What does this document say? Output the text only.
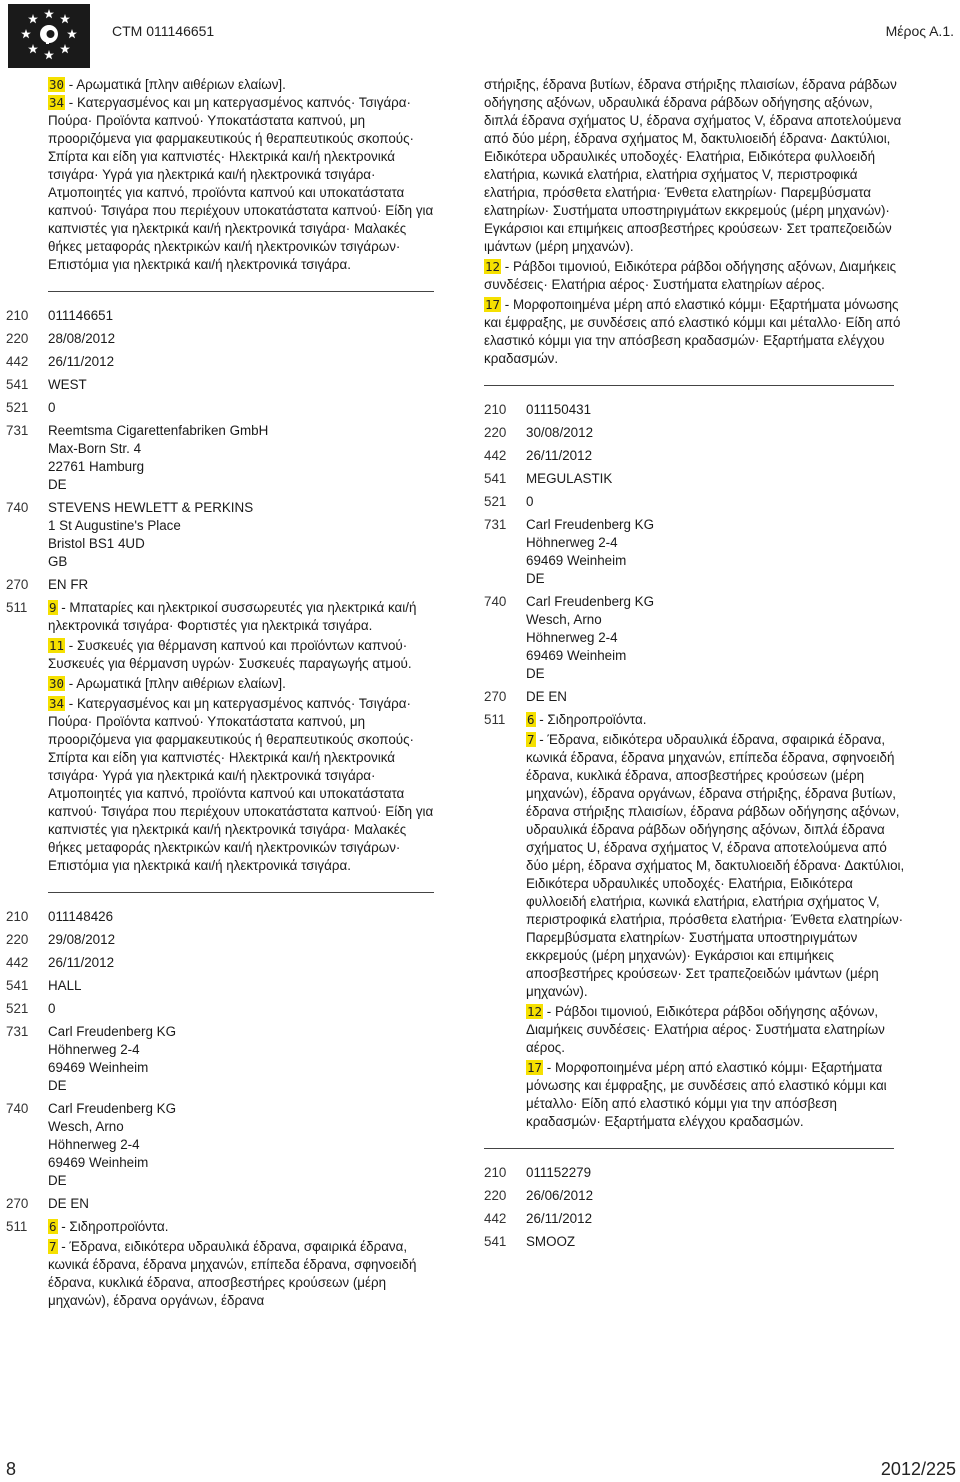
CTM 011146651	Μέρος Α.1.
30 - Αρωματικά [πλην αιθέριων ελαίων].
34 - Κατεργασμένος και μη κατεργασμένος καπνός· Τσιγάρα· Πούρα· Προϊόντα καπνού· Υποκατάστατα καπνού, μη προοριζόμενα για φαρμακευτικούς ή θεραπευτικούς σκοπούς· Σπίρτα και είδη για καπνιστές· Ηλεκτρικά και/ή ηλεκτρονικά τσιγάρα· Υγρά για ηλεκτρικά και/ή ηλεκτρονικά τσιγάρα· Ατμοποιητές για καπνό, προϊόντα καπνού και υποκατάστατα καπνού· Τσιγάρα που περιέχουν υποκατάστατα καπνού· Είδη για καπνιστές για ηλεκτρικά και/ή ηλεκτρονικά τσιγάρα· Μαλακές θήκες μεταφοράς ηλεκτρικών και/ή ηλεκτρονικών τσιγάρων· Επιστόμια για ηλεκτρικά και/ή ηλεκτρονικά τσιγάρα.
210	011146651
220	28/08/2012
442	26/11/2012
541	WEST
521	0
731	Reemtsma Cigarettenfabriken GmbH
Max-Born Str. 4
22761 Hamburg
DE
740	STEVENS HEWLETT & PERKINS
1 St Augustine's Place
Bristol BS1 4UD
GB
270	EN FR
511	9 - Μπαταρίες και ηλεκτρικοί συσσωρευτές για ηλεκτρικά και/ή ηλεκτρονικά τσιγάρα· Φορτιστές για ηλεκτρικά τσιγάρα.
11 - Συσκευές για θέρμανση καπνού και προϊόντων καπνού· Συσκευές για θέρμανση υγρών· Συσκευές παραγωγής ατμού.
30 - Αρωματικά [πλην αιθέριων ελαίων].
34 - Κατεργασμένος και μη κατεργασμένος καπνός· Τσιγάρα· Πούρα· Προϊόντα καπνού· Υποκατάστατα καπνού, μη προοριζόμενα για φαρμακευτικούς ή θεραπευτικούς σκοπούς· Σπίρτα και είδη για καπνιστές· Ηλεκτρικά και/ή ηλεκτρονικά τσιγάρα· Υγρά για ηλεκτρικά και/ή ηλεκτρονικά τσιγάρα· Ατμοποιητές για καπνό, προϊόντα καπνού και υποκατάστατα καπνού· Τσιγάρα που περιέχουν υποκατάστατα καπνού· Είδη για καπνιστές για ηλεκτρικά και/ή ηλεκτρονικά τσιγάρα· Μαλακές θήκες μεταφοράς ηλεκτρικών και/ή ηλεκτρονικών τσιγάρων· Επιστόμια για ηλεκτρικά και/ή ηλεκτρονικά τσιγάρα.
210	011148426
220	29/08/2012
442	26/11/2012
541	HALL
521	0
731	Carl Freudenberg KG
Höhnerweg 2-4
69469 Weinheim
DE
740	Carl Freudenberg KG
Wesch, Arno
Höhnerweg 2-4
69469 Weinheim
DE
270	DE EN
511	6 - Σιδηροπροϊόντα.
7 - Έδρανα, ειδικότερα υδραυλικά έδρανα, σφαιρικά έδρανα, κωνικά έδρανα, έδρανα μηχανών, επίπεδα έδρανα, σφηνοειδή έδρανα, κυκλικά έδρανα, αποσβεστήρες κρούσεων (μέρη μηχανών), έδρανα οργάνων, έδρανα
στήριξης, έδρανα βυτίων, έδρανα στήριξης πλαισίων, έδρανα ράβδων οδήγησης αξόνων, υδραυλικά έδρανα ράβδων οδήγησης αξόνων, διπλά έδρανα σχήματος U, έδρανα σχήματος V, έδρανα αποτελούμενα από δύο μέρη, έδρανα σχήματος Μ, δακτυλιοειδή έδρανα· Δακτύλιοι, Ειδικότερα υδραυλικές υποδοχές· Ελατήρια, Ειδικότερα φυλλοειδή ελατήρια, κωνικά ελατήρια, ελατήρια σχήματος V, περιστροφικά ελατήρια, πρόσθετα ελατήρια· Ένθετα ελατηρίων· Παρεμβύσματα ελατηρίων· Συστήματα υποστηριγμάτων εκκρεμούς (μέρη μηχανών)· Εγκάρσιοι και επιμήκεις αποσβεστήρες κρούσεων· Σετ τραπεζοειδών ιμάντων (μέρη μηχανών).
12 - Ράβδοι τιμονιού, Ειδικότερα ράβδοι οδήγησης αξόνων, Διαμήκεις συνδέσεις· Ελατήρια αέρος· Συστήματα ελατηρίων αέρος.
17 - Μορφοποιημένα μέρη από ελαστικό κόμμι· Εξαρτήματα μόνωσης και έμφραξης, με συνδέσεις από ελαστικό κόμμι και μέταλλο· Είδη από ελαστικό κόμμι για την απόσβεση κραδασμών· Εξαρτήματα ελέγχου κραδασμών.
210	011150431
220	30/08/2012
442	26/11/2012
541	MEGULASTIK
521	0
731	Carl Freudenberg KG
Höhnerweg 2-4
69469 Weinheim
DE
740	Carl Freudenberg KG
Wesch, Arno
Höhnerweg 2-4
69469 Weinheim
DE
270	DE EN
511	6 - Σιδηροπροϊόντα.
7 - Έδρανα, ειδικότερα υδραυλικά έδρανα, σφαιρικά έδρανα, κωνικά έδρανα, έδρανα μηχανών, επίπεδα έδρανα, σφηνοειδή έδρανα, κυκλικά έδρανα, αποσβεστήρες κρούσεων (μέρη μηχανών), έδρανα οργάνων, έδρανα στήριξης, έδρανα βυτίων, έδρανα στήριξης πλαισίων, έδρανα ράβδων οδήγησης αξόνων, υδραυλικά έδρανα ράβδων οδήγησης αξόνων, διπλά έδρανα σχήματος U, έδρανα σχήματος V, έδρανα αποτελούμενα από δύο μέρη, έδρανα σχήματος Μ, δακτυλιοειδή έδρανα· Δακτύλιοι, Ειδικότερα υδραυλικές υποδοχές· Ελατήρια, Ειδικότερα φυλλοειδή ελατήρια, κωνικά ελατήρια, ελατήρια σχήματος V, περιστροφικά ελατήρια, πρόσθετα ελατήρια· Ένθετα ελατηρίων· Παρεμβύσματα ελατηρίων· Συστήματα υποστηριγμάτων εκκρεμούς (μέρη μηχανών)· Εγκάρσιοι και επιμήκεις αποσβεστήρες κρούσεων· Σετ τραπεζοειδών ιμάντων (μέρη μηχανών).
12 - Ράβδοι τιμονιού, Ειδικότερα ράβδοι οδήγησης αξόνων, Διαμήκεις συνδέσεις· Ελατήρια αέρος· Συστήματα ελατηρίων αέρος.
17 - Μορφοποιημένα μέρη από ελαστικό κόμμι· Εξαρτήματα μόνωσης και έμφραξης, με συνδέσεις από ελαστικό κόμμι και μέταλλο· Είδη από ελαστικό κόμμι για την απόσβεση κραδασμών· Εξαρτήματα ελέγχου κραδασμών.
210	011152279
220	26/06/2012
442	26/11/2012
541	SMOOZ
8	2012/225
